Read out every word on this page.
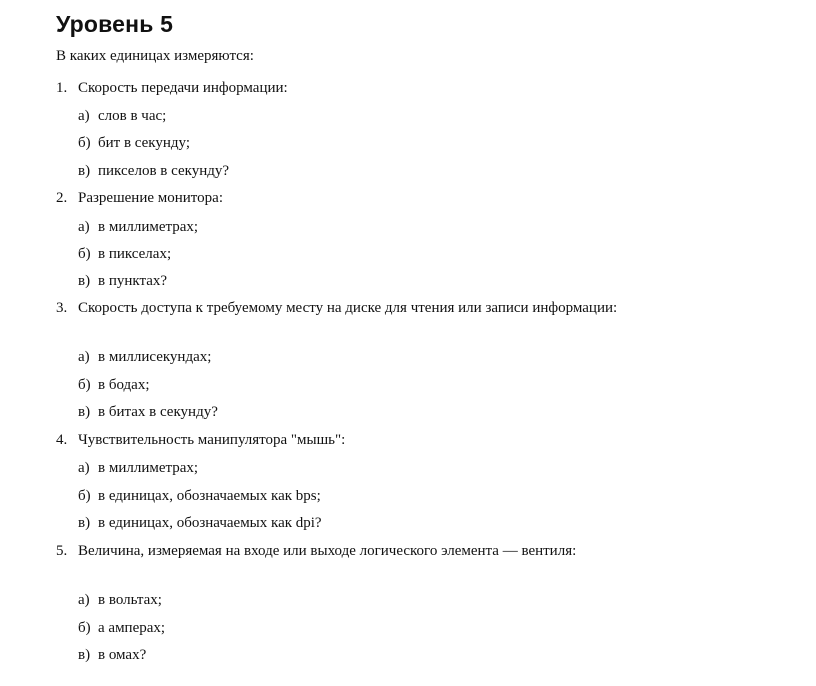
Уровень 5
В каких единицах измеряются:
1. Скорость передачи информации:
а) слов в час;
б) бит в секунду;
в) пикселов в секунду?
2. Разрешение монитора:
а) в миллиметрах;
б) в пикселах;
в) в пунктах?
3. Скорость доступа к требуемому месту на диске для чтения или записи информации:
а) в миллисекундах;
б) в бодах;
в) в битах в секунду?
4. Чувствительность манипулятора "мышь":
а) в миллиметрах;
б) в единицах, обозначаемых как bps;
в) в единицах, обозначаемых как dpi?
5. Величина, измеряемая на входе или выходе логического элемента — вентиля:
а) в вольтах;
б) а амперах;
в) в омах?
